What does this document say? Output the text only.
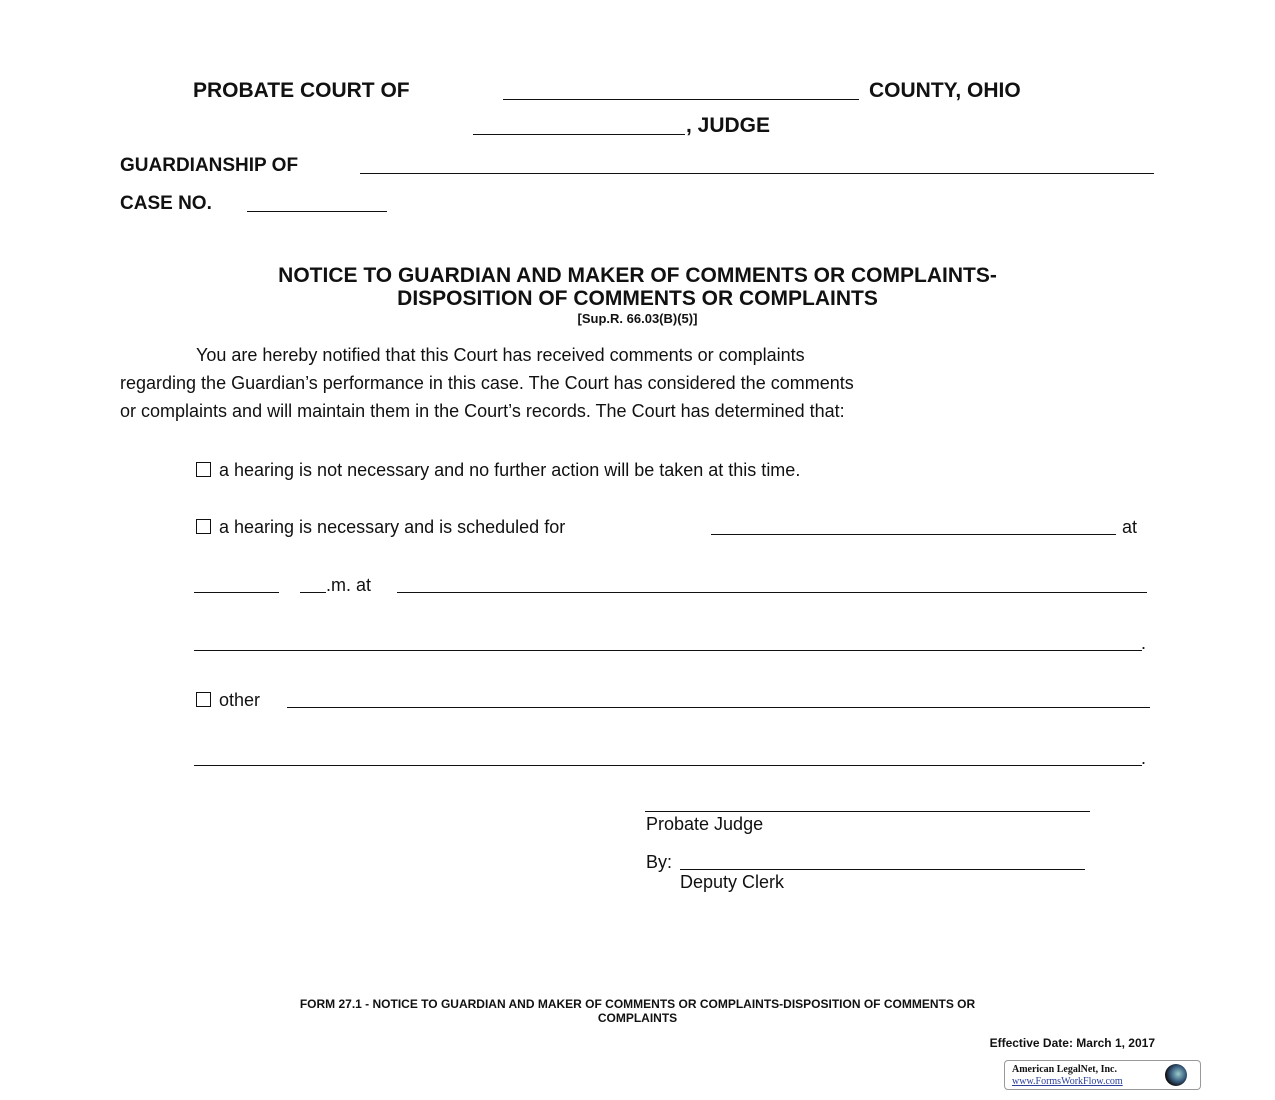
PROBATE COURT OF	COUNTY, OHIO
, JUDGE
GUARDIANSHIP OF
CASE NO.
NOTICE TO GUARDIAN AND MAKER OF COMMENTS OR COMPLAINTS-
DISPOSITION OF COMMENTS OR COMPLAINTS
[Sup.R. 66.03(B)(5)]
You are hereby notified that this Court has received comments or complaints
regarding the Guardian’s performance in this case. The Court has considered the comments
or complaints and will maintain them in the Court’s records. The Court has determined that:
a hearing is not necessary and no further action will be taken at this time.
a hearing is necessary and is scheduled for	at
.m. at
.
other
.
Probate Judge
By:
Deputy Clerk
FORM 27.1 - NOTICE TO GUARDIAN AND MAKER OF COMMENTS OR COMPLAINTS-DISPOSITION OF COMMENTS OR
COMPLAINTS
Effective Date: March 1, 2017
American LegalNet, Inc.
www.FormsWorkFlow.com
